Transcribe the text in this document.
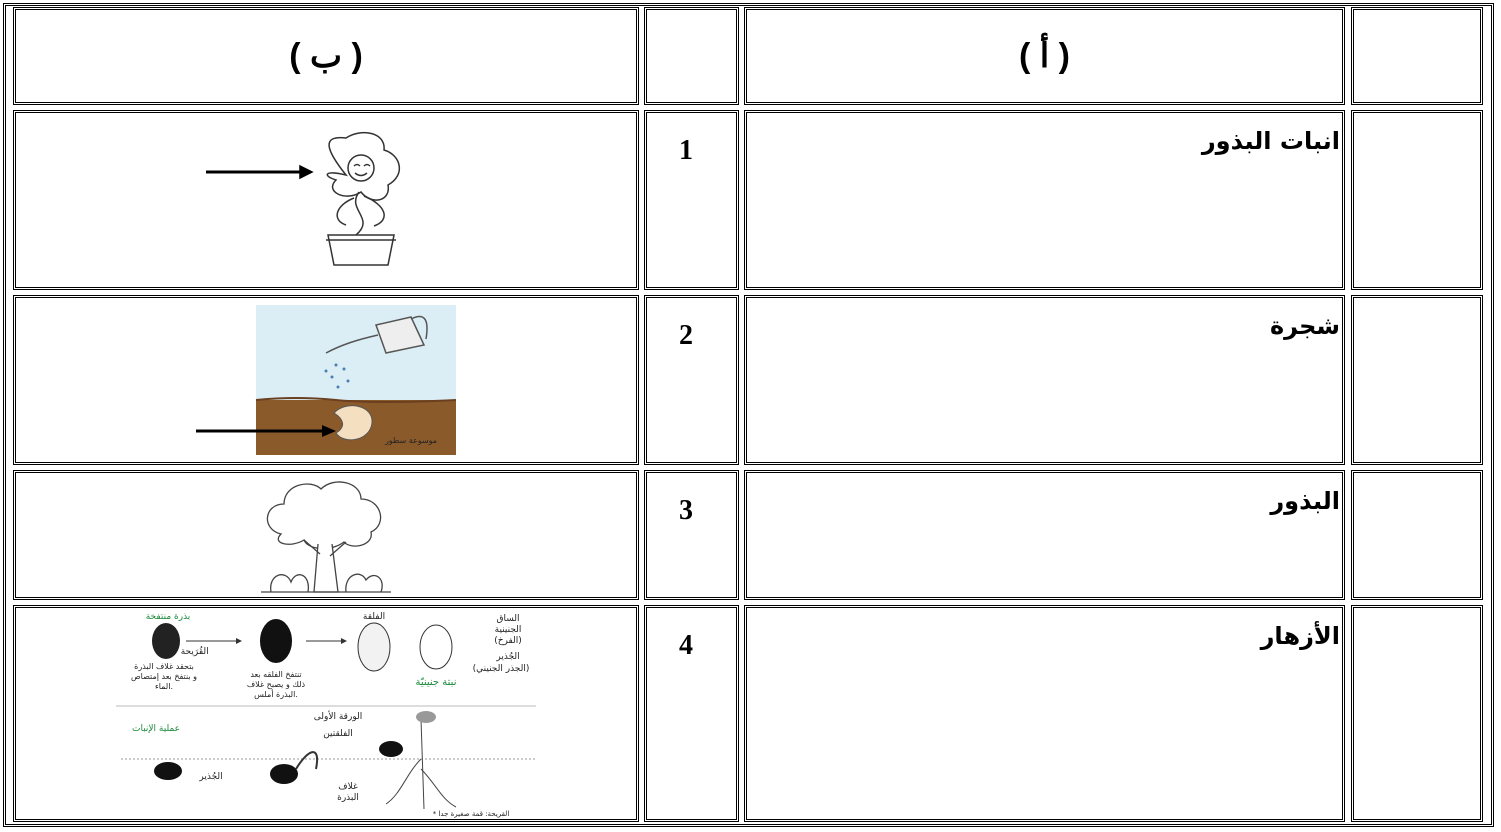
( أ )
( ب )
انبات البذور
1
شجرة
2
موسوعة سطور
البذور
3
الأزهار
4
بذرة منتفخة
* القُرَيحة
الفلقة	الساق
الجنينية
(الفرخ)
الجُذير
(الجذر الجنيني)
نبتة جنينيّة
بتحقد غلاف البذرة
و بنتفخ بعد إمتصاص
الماء.
تنتفخ الفلقه بعد
ذلك و يصبح غلاف
البذرة أملس.
عملية الإنبات
الجُذير
الورقة الأولى
الفلقتين
غلاف
البذرة
* القريحة: قمة صغيرة جدا
